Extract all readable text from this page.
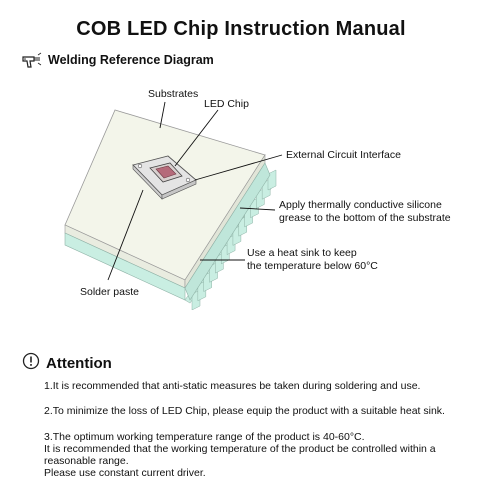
COB LED Chip Instruction Manual
Welding Reference Diagram
Substrates
LED Chip
External Circuit Interface
Apply thermally conductive silicone
grease to the bottom of the substrate
Use a heat sink to keep
the temperature below 60°C
Solder paste
Attention
1.It is recommended that anti-static measures be taken during soldering and use.
2.To minimize the loss of LED Chip, please equip the product with a suitable heat sink.
3.The optimum working temperature range of the product is 40-60°C.
It is recommended that the working temperature of the product be controlled within a
reasonable range.
Please use constant current driver.
